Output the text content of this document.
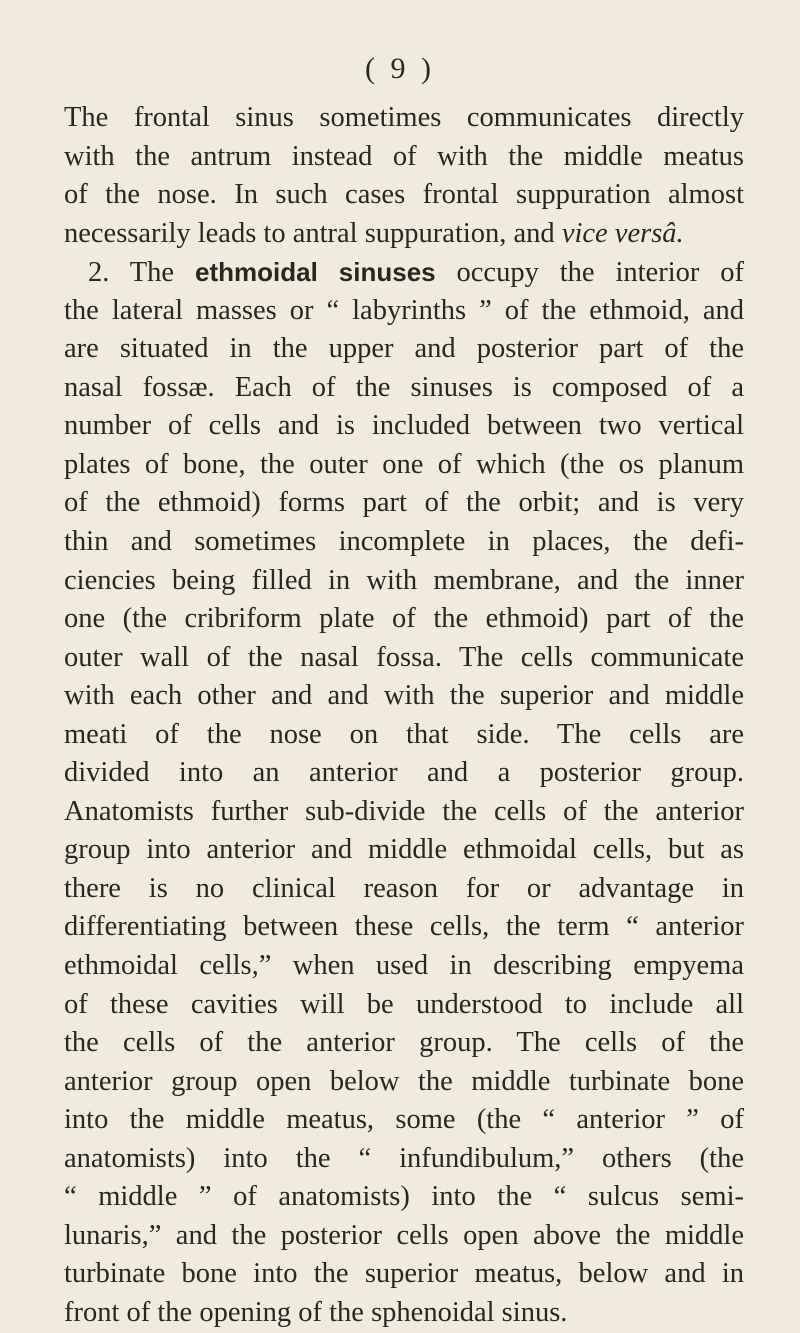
( 9 )
The frontal sinus sometimes communicates directly
with the antrum instead of with the middle meatus
of the nose. In such cases frontal suppuration almost
necessarily leads to antral suppuration, and vice versâ.
2. The ethmoidal sinuses occupy the interior of
the lateral masses or “ labyrinths ” of the ethmoid, and
are situated in the upper and posterior part of the
nasal fossæ. Each of the sinuses is composed of a
number of cells and is included between two vertical
plates of bone, the outer one of which (the os planum
of the ethmoid) forms part of the orbit; and is very
thin and sometimes incomplete in places, the defi-
ciencies being filled in with membrane, and the inner
one (the cribriform plate of the ethmoid) part of the
outer wall of the nasal fossa. The cells communicate
with each other and and with the superior and middle
meati of the nose on that side. The cells are
divided into an anterior and a posterior group.
Anatomists further sub-divide the cells of the anterior
group into anterior and middle ethmoidal cells, but as
there is no clinical reason for or advantage in
differentiating between these cells, the term “ anterior
ethmoidal cells,” when used in describing empyema
of these cavities will be understood to include all
the cells of the anterior group. The cells of the
anterior group open below the middle turbinate bone
into the middle meatus, some (the “ anterior ” of
anatomists) into the “ infundibulum,” others (the
“ middle ” of anatomists) into the “ sulcus semi-
lunaris,” and the posterior cells open above the middle
turbinate bone into the superior meatus, below and in
front of the opening of the sphenoidal sinus.
